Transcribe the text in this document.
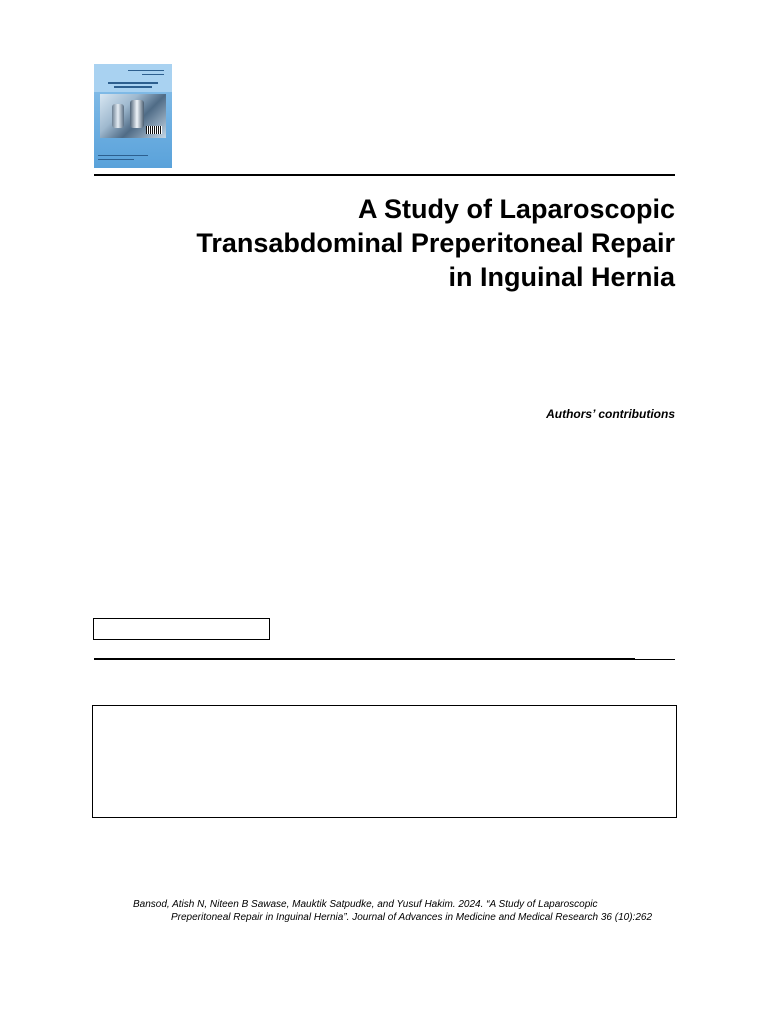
A Study of Laparoscopic
Transabdominal Preperitoneal Repair
in Inguinal Hernia
Authors’ contributions
Bansod, Atish N, Niteen B Sawase, Mauktik Satpudke, and Yusuf Hakim. 2024. “A Study of Laparoscopic
Preperitoneal Repair in Inguinal Hernia”. Journal of Advances in Medicine and Medical Research 36 (10):262
